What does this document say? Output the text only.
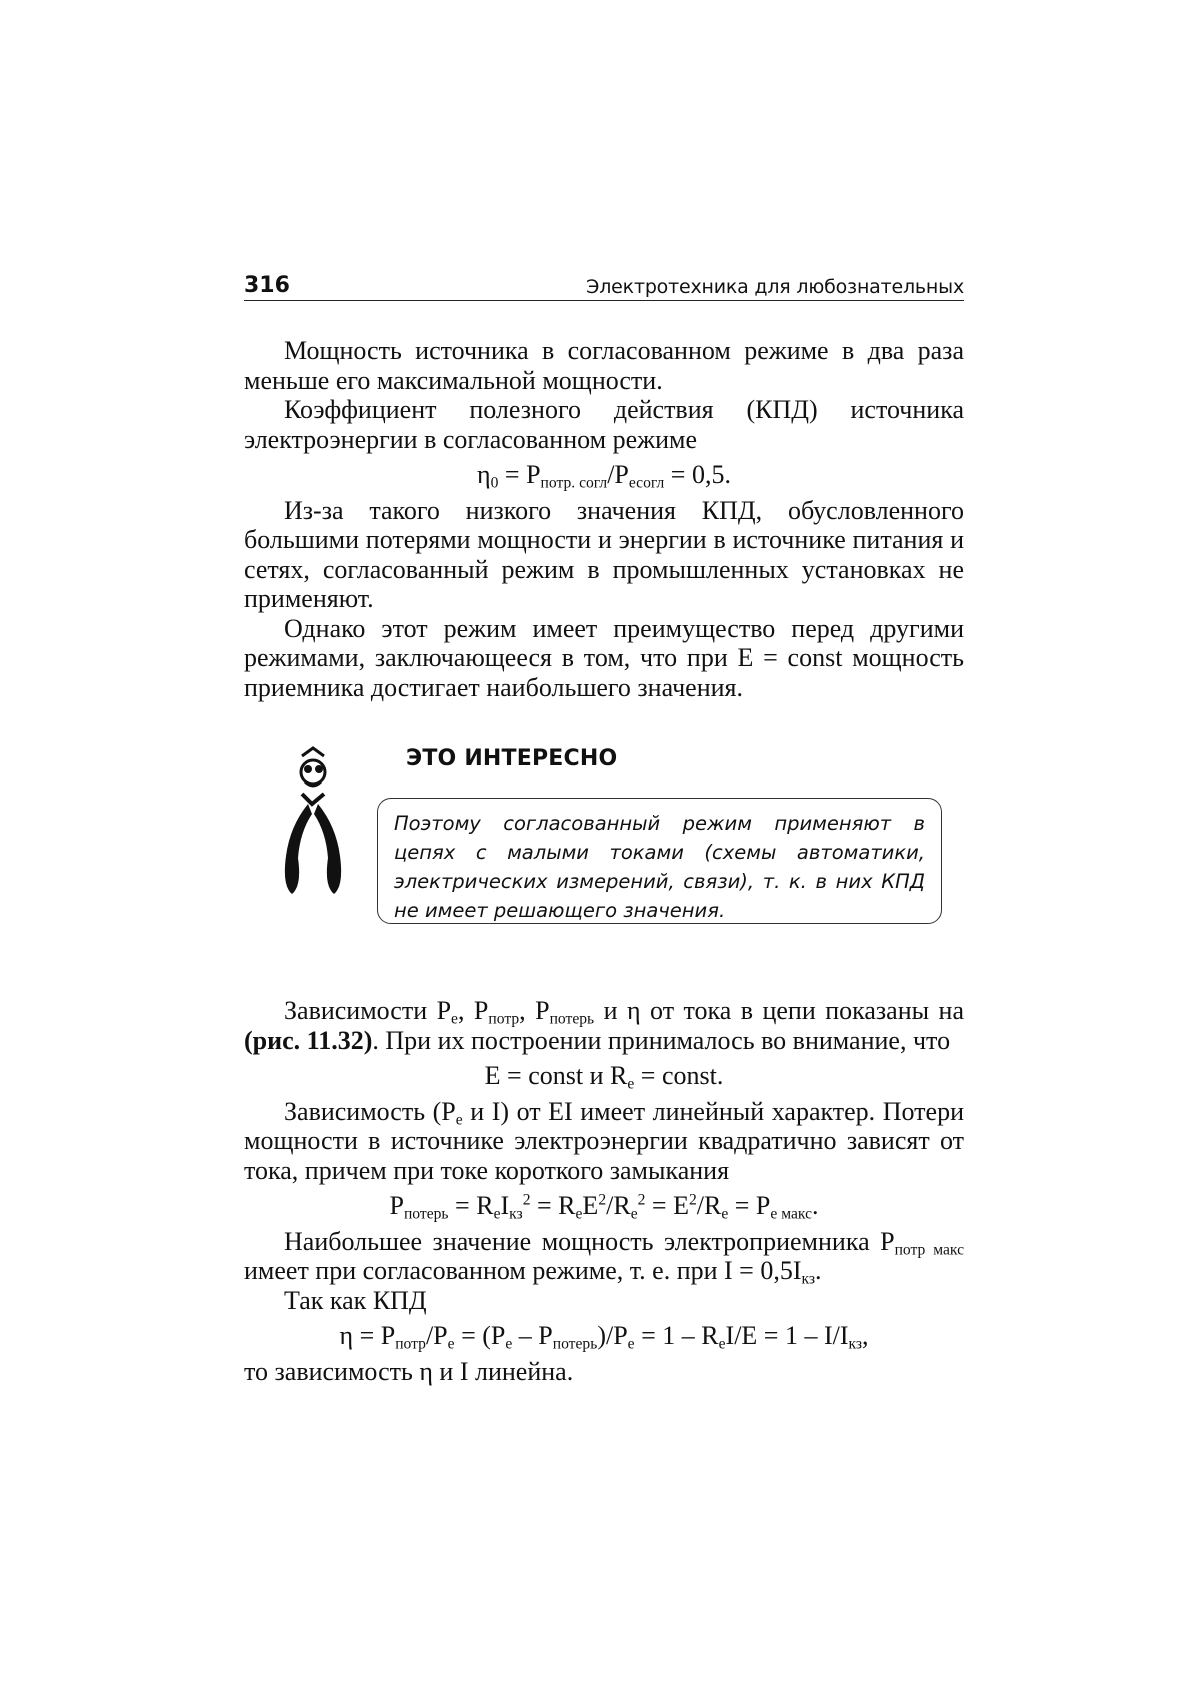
316	Электротехника для любознательных

Мощность источника в согласованном режиме в два раза меньше его максимальной мощности.

Коэффициент полезного действия (КПД) источника электроэнергии в согласованном режиме

η0 = Pпотр. согл/Pесогл = 0,5.

Из-за такого низкого значения КПД, обусловленного большими потерями мощности и энергии в источнике питания и сетях, согласованный режим в промышленных установках не применяют.

Однако этот режим имеет преимущество перед другими режимами, заключающееся в том, что при E = const мощность приемника достигает наибольшего значения.

ЭТО ИНТЕРЕСНО
Поэтому согласованный режим применяют в цепях с малыми токами (схемы автоматики, электрических измерений, связи), т. к. в них КПД не имеет решающего значения.

Зависимости Pe, Pпотр, Pпотерь и η от тока в цепи показаны на (рис. 11.32). При их построении принималось во внимание, что

E = const и Re = const.

Зависимость (Pe и I) от EI имеет линейный характер. Потери мощности в источнике электроэнергии квадратично зависят от тока, причем при токе короткого замыкания

Pпотерь = ReIкз2 = ReE2/Re2 = E2/Re = Pe макс.

Наибольшее значение мощность электроприемника Pпотр макс имеет при согласованном режиме, т. е. при I = 0,5Iкз.

Так как КПД

η = Pпотр/Pe = (Pe – Pпотерь)/Pe = 1 – ReI/E = 1 – I/Iкз,

то зависимость η и I линейна.
